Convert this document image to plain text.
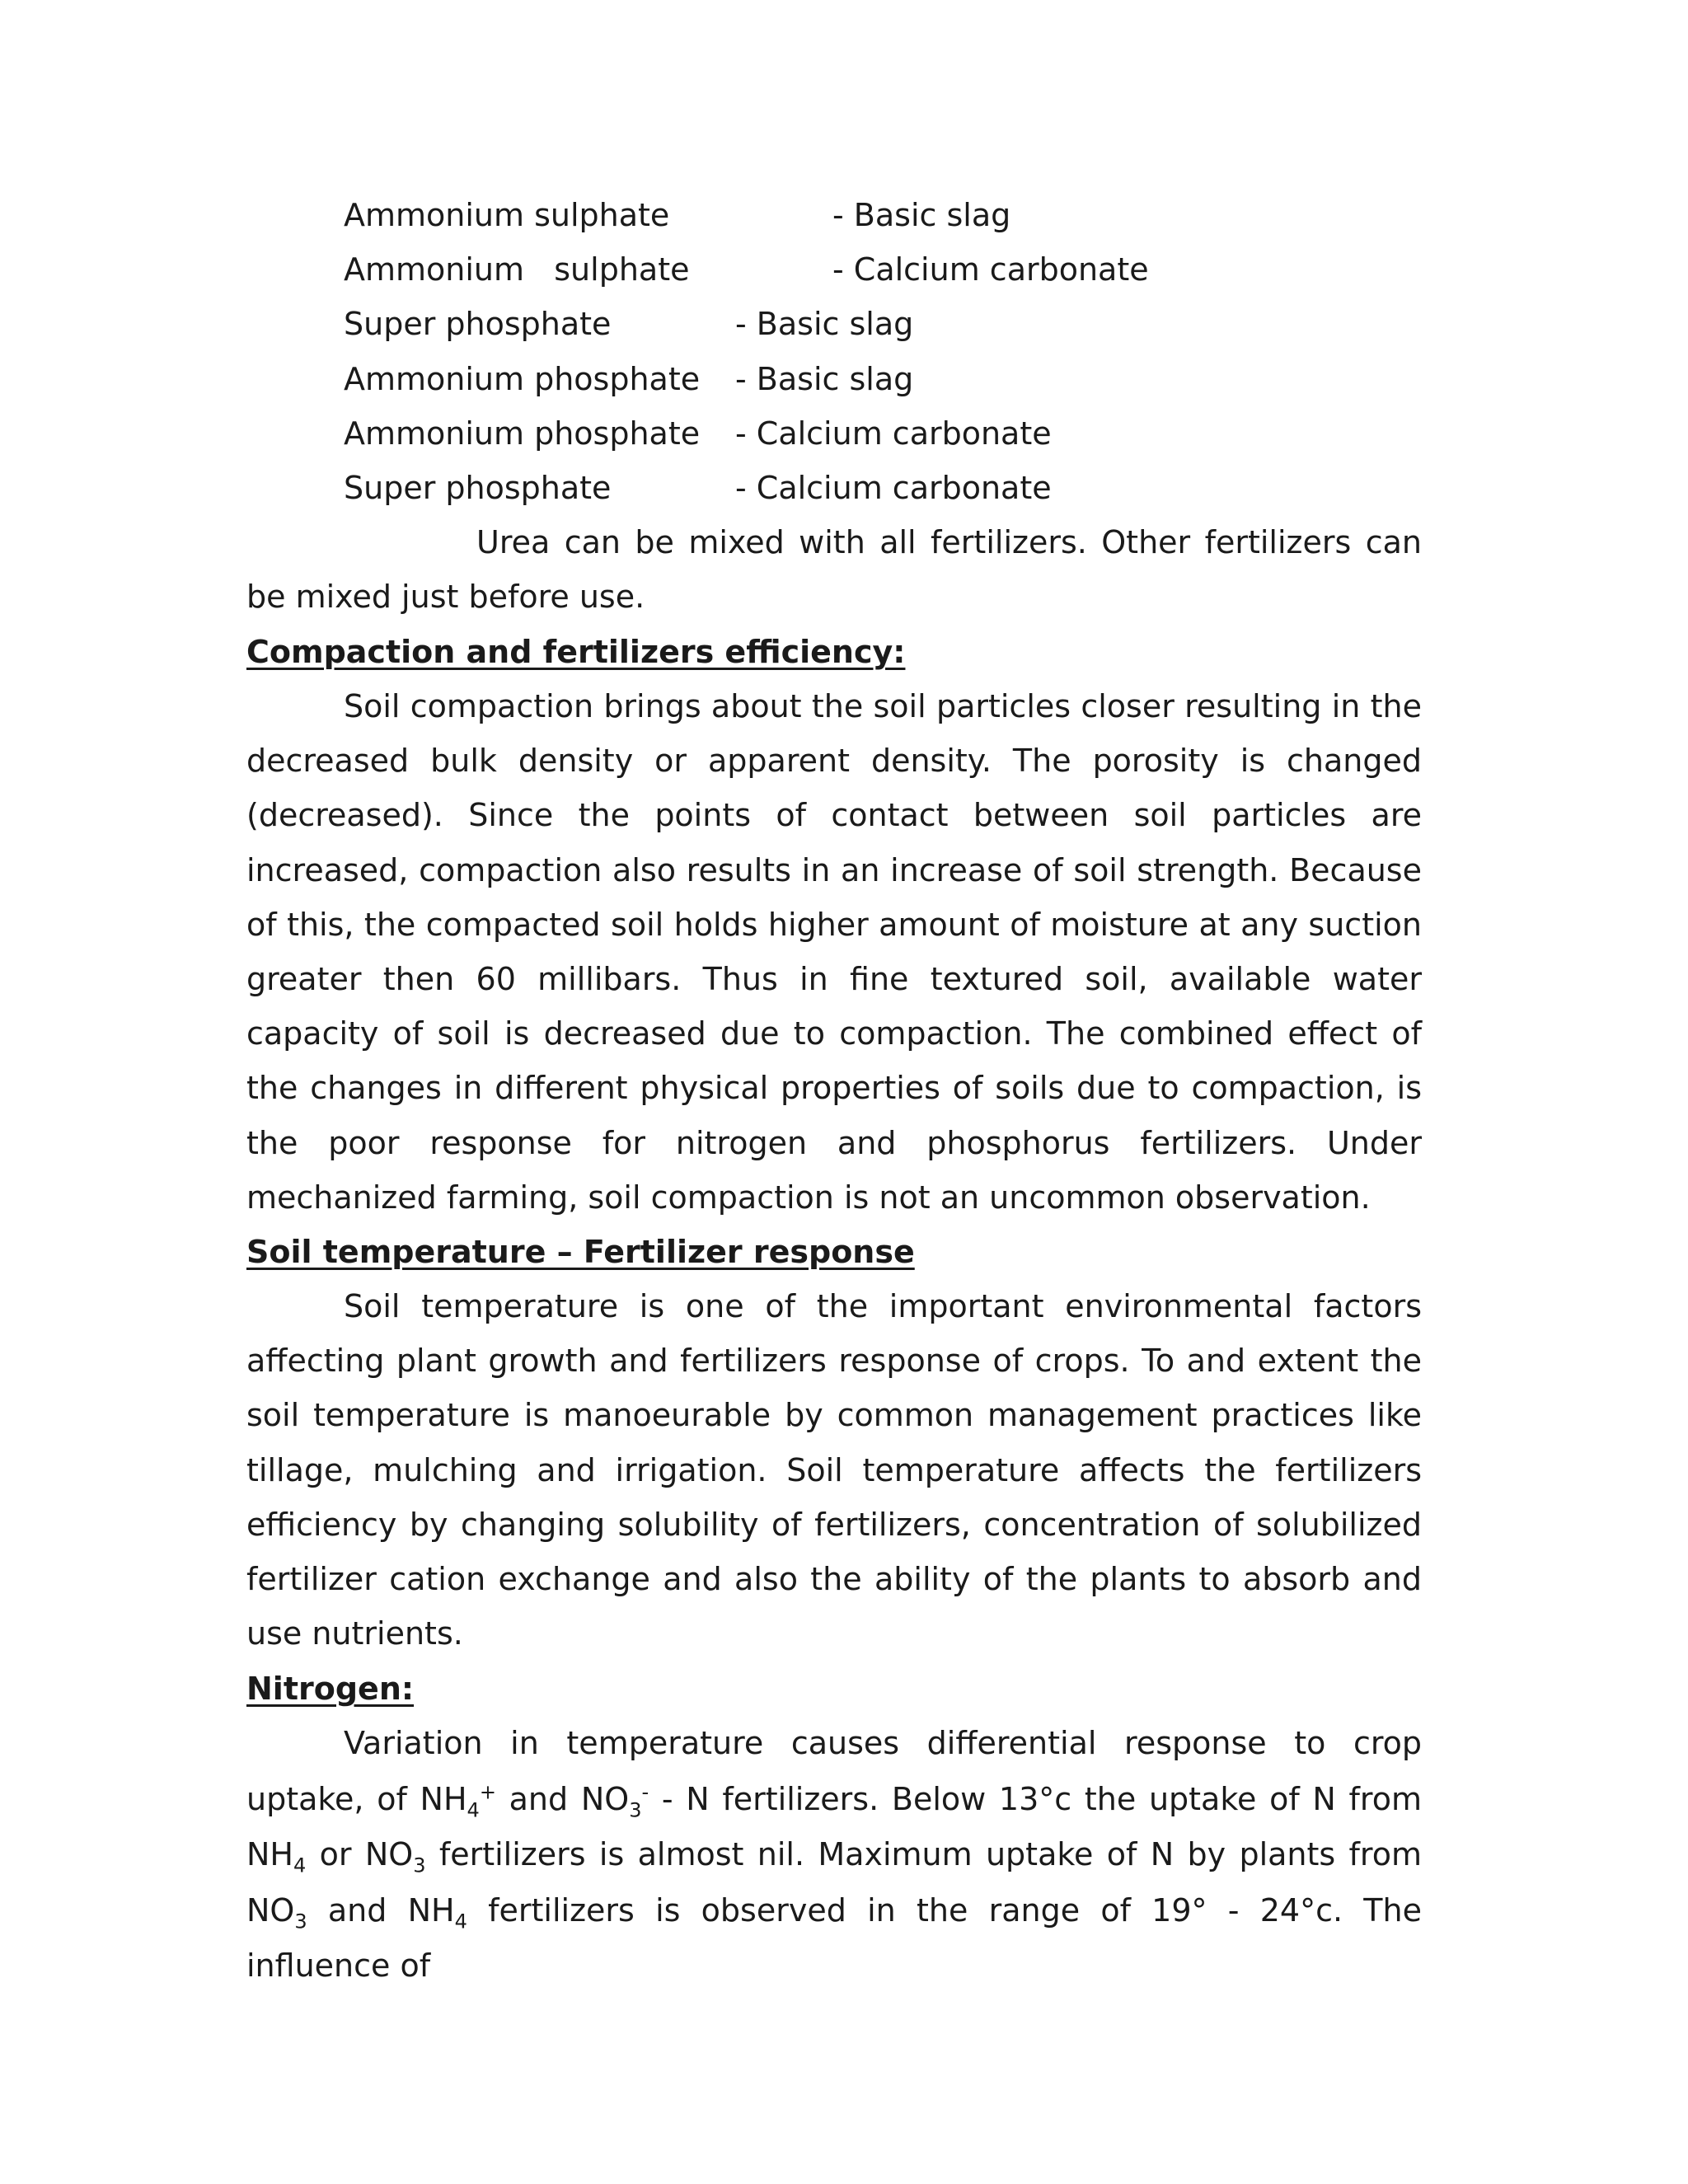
Ammonium sulphate	- Basic slag
Ammonium   sulphate	- Calcium carbonate
Super phosphate	- Basic slag
Ammonium phosphate - Basic slag
Ammonium phosphate - Calcium carbonate
Super phosphate	- Calcium carbonate

Urea can be mixed with all fertilizers. Other fertilizers can be mixed just before use.

Compaction and fertilizers efficiency:

Soil compaction brings about the soil particles closer resulting in the decreased bulk density or apparent density. The porosity is changed (decreased). Since the points of contact between soil particles are increased, compaction also results in an increase of soil strength. Because of this, the compacted soil holds higher amount of moisture at any suction greater then 60 millibars. Thus in fine textured soil, available water capacity of soil is decreased due to compaction. The combined effect of the changes in different physical properties of soils due to compaction, is the poor response for nitrogen and phosphorus fertilizers. Under mechanized farming, soil compaction is not an uncommon observation.

Soil temperature – Fertilizer response

Soil temperature is one of the important environmental factors affecting plant growth and fertilizers response of crops. To and extent the soil temperature is manoeurable by common management practices like tillage, mulching and irrigation. Soil temperature affects the fertilizers efficiency by changing solubility of fertilizers, concentration of solubilized fertilizer cation exchange and also the ability of the plants to absorb and use nutrients.

Nitrogen:

Variation in temperature causes differential response to crop uptake, of $NH_4^+$ and $NO_3^-$ - N fertilizers. Below 13°c the uptake of N from $NH_4$ or $NO_3$ fertilizers is almost nil. Maximum uptake of N by plants from $NO_3$ and $NH_4$ fertilizers is observed in the range of 19° - 24°c. The influence of
